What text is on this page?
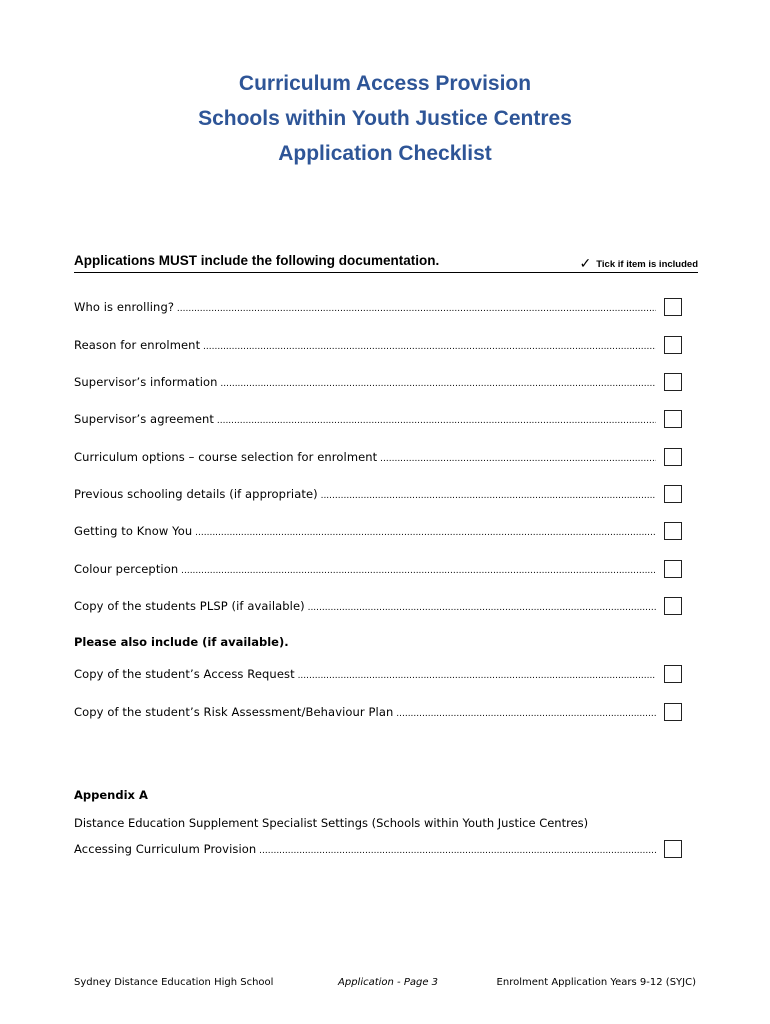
Curriculum Access Provision
Schools within Youth Justice Centres
Application Checklist
Applications MUST include the following documentation.	✓ Tick if item is included
Who is enrolling? .....
Reason for enrolment .....
Supervisor’s information .....
Supervisor’s agreement .....
Curriculum options – course selection for enrolment .....
Previous schooling details (if appropriate) .....
Getting to Know You .....
Colour perception .....
Copy of the students PLSP (if available) .....
Please also include (if available).
Copy of the student’s Access Request .....
Copy of the student’s Risk Assessment/Behaviour Plan .....
Appendix A
Distance Education Supplement Specialist Settings (Schools within Youth Justice Centres)
Accessing Curriculum Provision .....
Sydney Distance Education High School	Application - Page 3	Enrolment Application Years 9-12 (SYJC)
